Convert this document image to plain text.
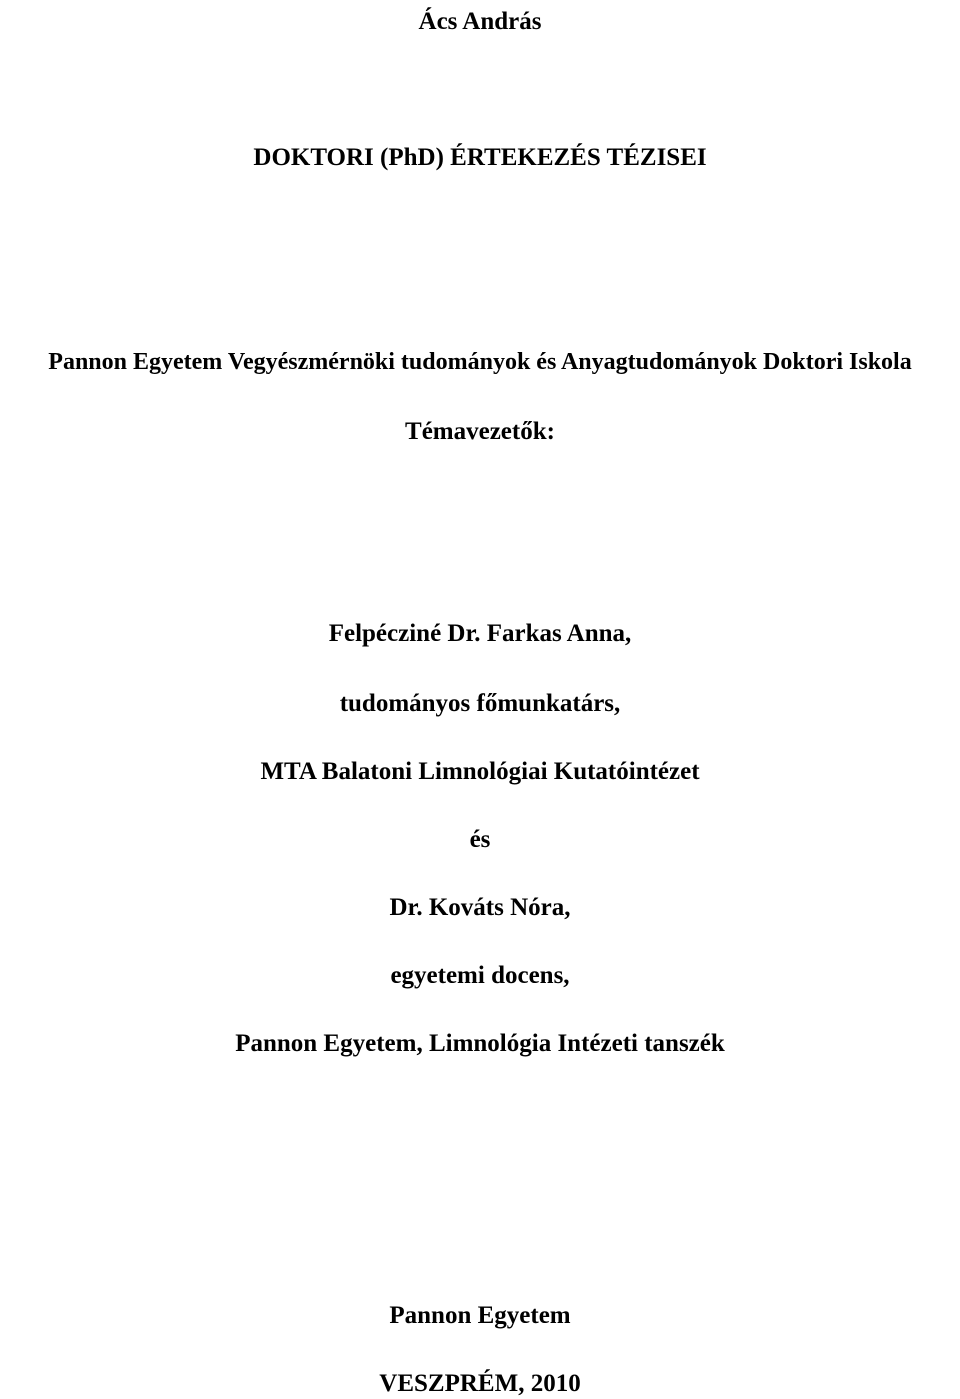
Ács András
DOKTORI (PhD) ÉRTEKEZÉS TÉZISEI
Pannon Egyetem Vegyészmérnöki tudományok és Anyagtudományok Doktori Iskola
Témavezetők:
Felpécziné Dr. Farkas Anna,
tudományos főmunkatárs,
MTA Balatoni Limnológiai Kutatóintézet
és
Dr. Kováts Nóra,
egyetemi docens,
Pannon Egyetem, Limnológia Intézeti tanszék
Pannon Egyetem
VESZPRÉM, 2010
